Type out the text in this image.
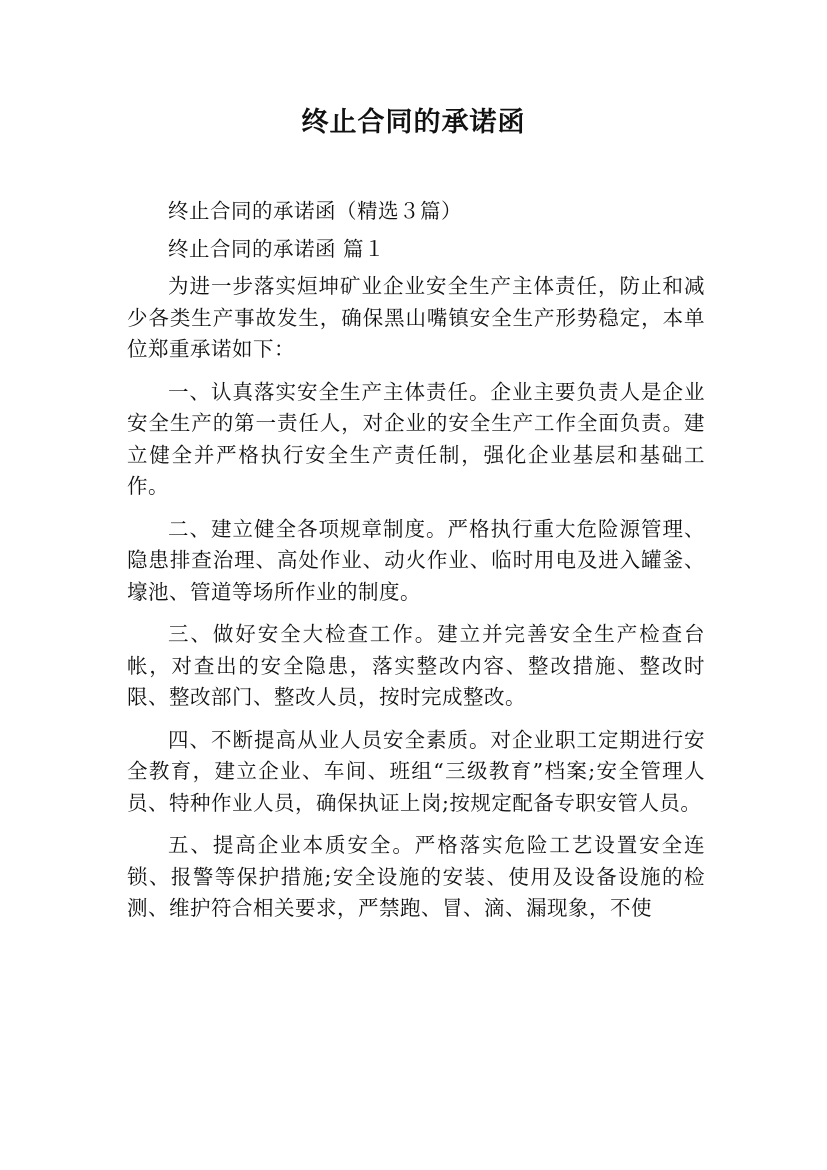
终止合同的承诺函

终止合同的承诺函（精选３篇）

终止合同的承诺函 篇１

为进一步落实烜坤矿业企业安全生产主体责任，防止和减少各类生产事故发生，确保黑山嘴镇安全生产形势稳定，本单位郑重承诺如下：

一、认真落实安全生产主体责任。企业主要负责人是企业安全生产的第一责任人，对企业的安全生产工作全面负责。建立健全并严格执行安全生产责任制，强化企业基层和基础工作。

二、建立健全各项规章制度。严格执行重大危险源管理、隐患排查治理、高处作业、动火作业、临时用电及进入罐釜、壕池、管道等场所作业的制度。

三、做好安全大检查工作。建立并完善安全生产检查台帐，对查出的安全隐患，落实整改内容、整改措施、整改时限、整改部门、整改人员，按时完成整改。

四、不断提高从业人员安全素质。对企业职工定期进行安全教育，建立企业、车间、班组“三级教育”档案;安全管理人员、特种作业人员，确保执证上岗;按规定配备专职安管人员。

五、提高企业本质安全。严格落实危险工艺设置安全连锁、报警等保护措施;安全设施的安装、使用及设备设施的检测、维护符合相关要求，严禁跑、冒、滴、漏现象，不使
